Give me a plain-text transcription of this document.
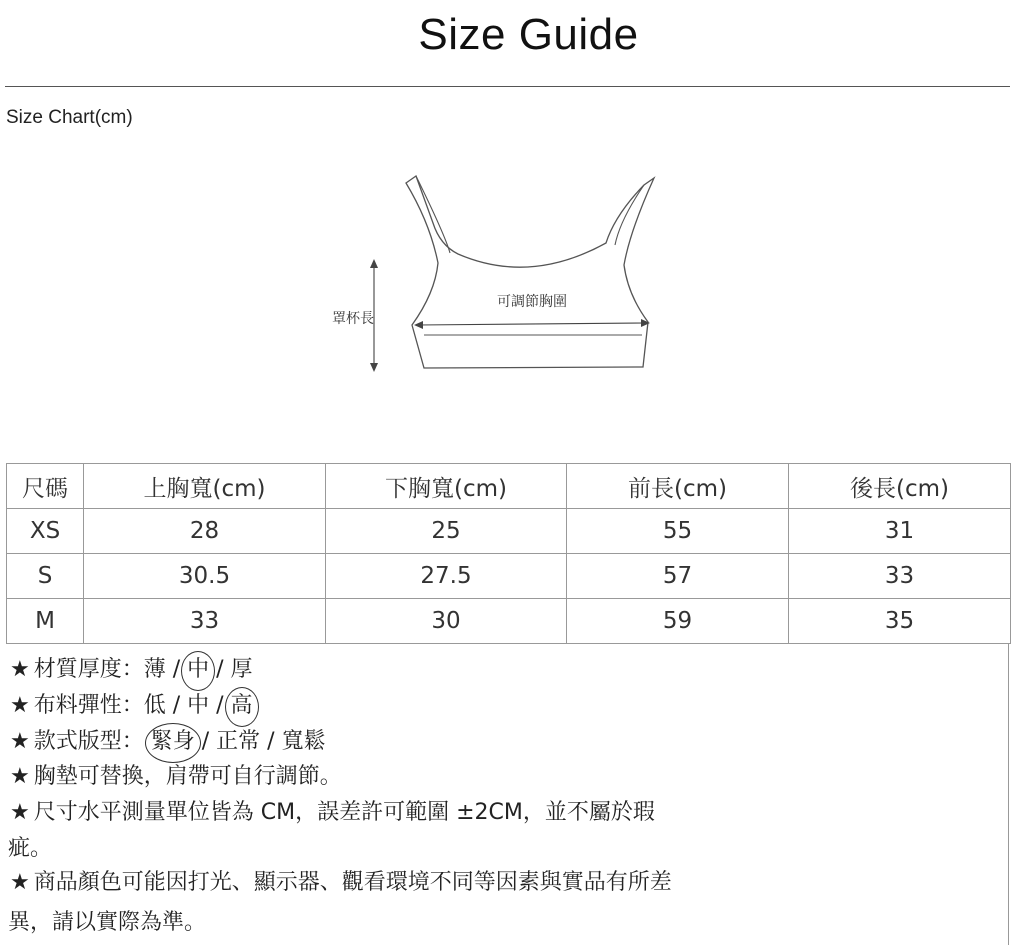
Size Guide
Size Chart(cm)
罩杯長
可調節胸圍
尺碼	上胸寬(cm)	下胸寬(cm)	前長(cm)	後長(cm)
XS	28	25	55	31
S	30.5	27.5	57	33
M	33	30	59	35
★ 材質厚度：薄 / 中 / 厚
★ 布料彈性：低 / 中 / 高
★ 款式版型： 緊身 / 正常 / 寬鬆
★ 胸墊可替換，肩帶可自行調節。
★ 尺寸水平測量單位皆為 CM，誤差許可範圍 ±2CM，並不屬於瑕
疵。
★ 商品顏色可能因打光、顯示器、觀看環境不同等因素與實品有所差
異，請以實際為準。
